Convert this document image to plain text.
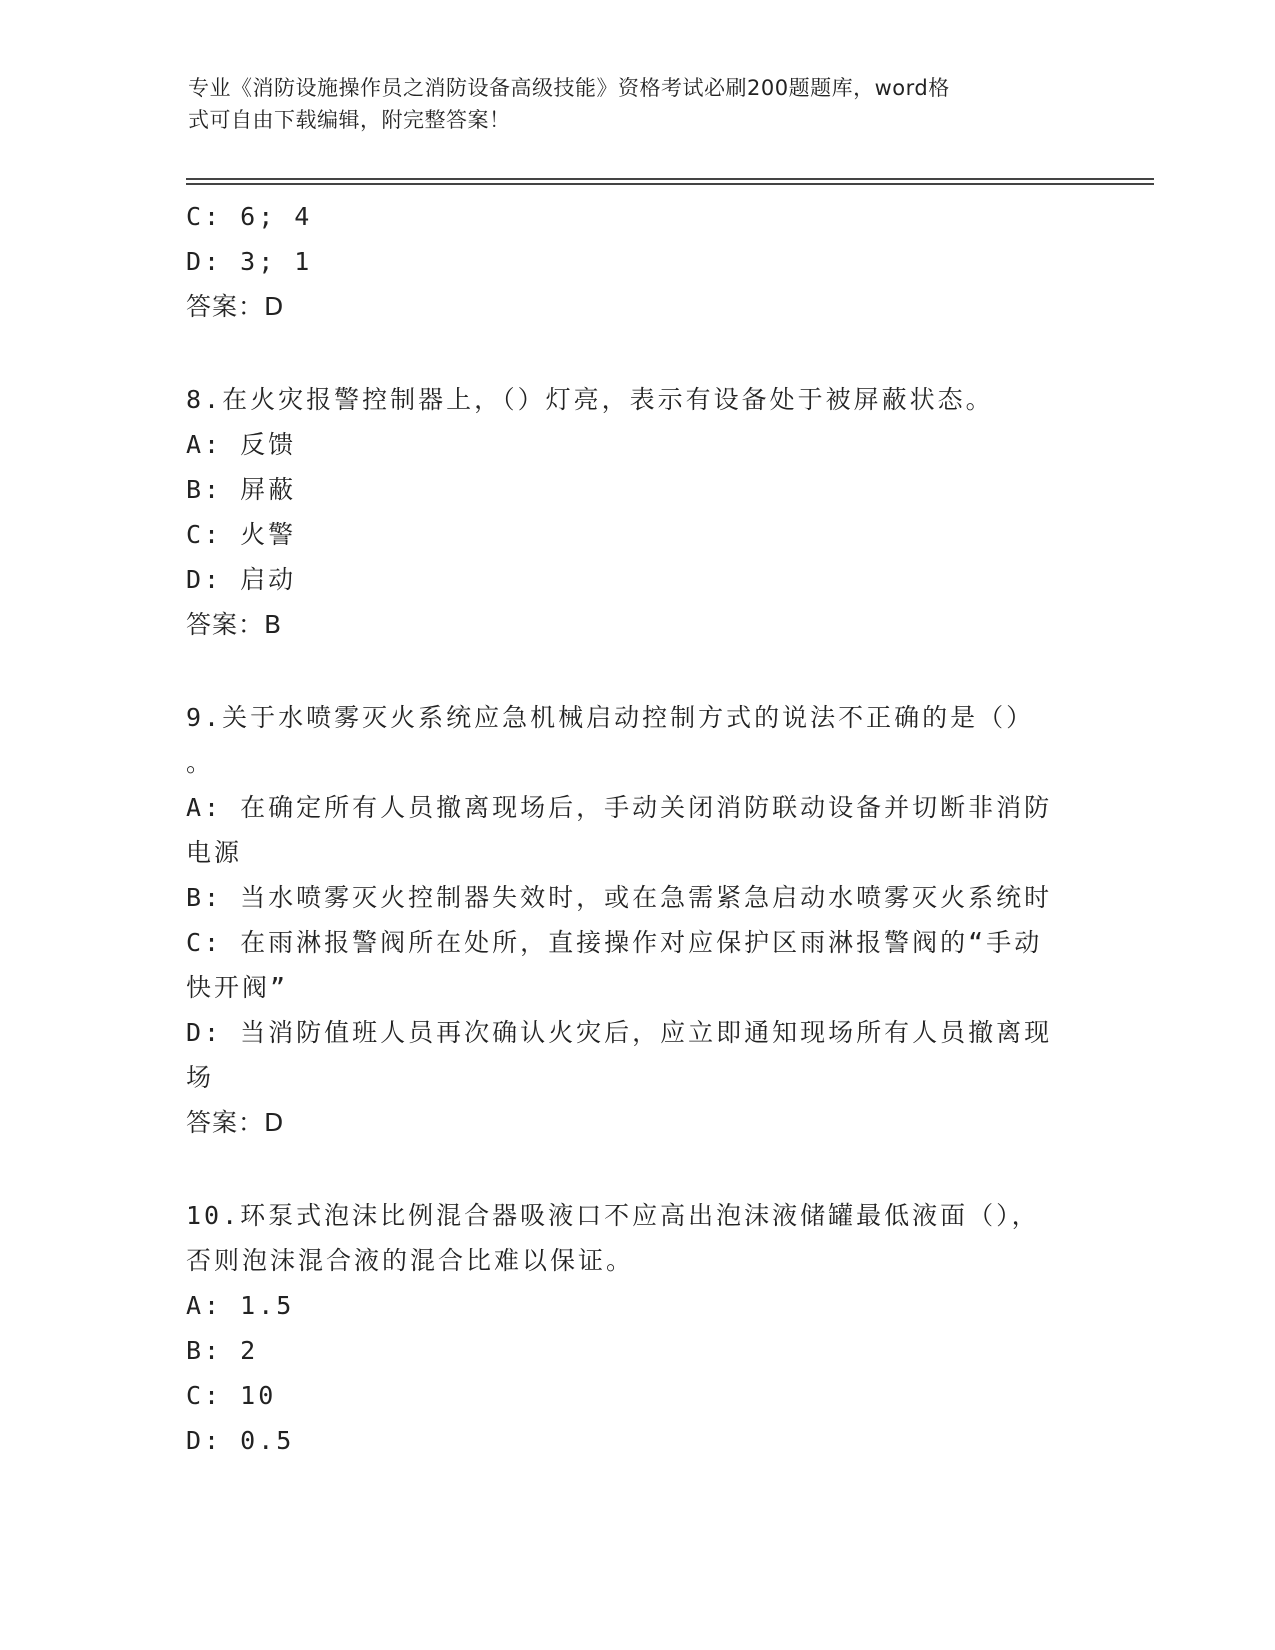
专业《消防设施操作员之消防设备高级技能》资格考试必刷200题题库，word格
式可自由下载编辑，附完整答案！
C: 6; 4
D: 3; 1
答案：D
8.在火灾报警控制器上，（）灯亮，表示有设备处于被屏蔽状态。
A: 反馈
B: 屏蔽
C: 火警
D: 启动
答案：B
9.关于水喷雾灭火系统应急机械启动控制方式的说法不正确的是（）
。
A: 在确定所有人员撤离现场后，手动关闭消防联动设备并切断非消防
电源
B: 当水喷雾灭火控制器失效时，或在急需紧急启动水喷雾灭火系统时
C: 在雨淋报警阀所在处所，直接操作对应保护区雨淋报警阀的“手动
快开阀”
D: 当消防值班人员再次确认火灾后，应立即通知现场所有人员撤离现
场
答案：D
10.环泵式泡沫比例混合器吸液口不应高出泡沫液储罐最低液面（），
否则泡沫混合液的混合比难以保证。
A: 1.5
B: 2
C: 10
D: 0.5
